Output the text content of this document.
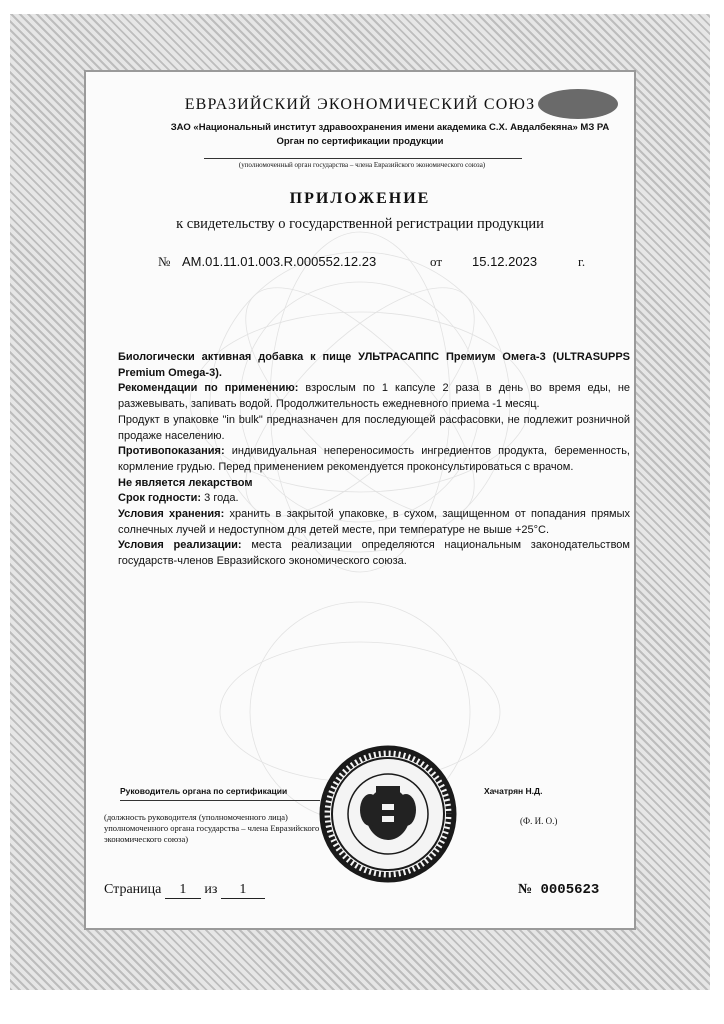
ЕВРАЗИЙСКИЙ ЭКОНОМИЧЕСКИЙ СОЮЗ
ЗАО «Национальный институт здравоохранения имени академика С.Х. Авдалбекяна» МЗ РА
Орган по сертификации продукции
(уполномоченный орган государства – члена Евразийского экономического союза)
ПРИЛОЖЕНИЕ
к свидетельству о государственной регистрации продукции
№ AM.01.11.01.003.R.000552.12.23	от 15.12.2023	г.

Биологически активная добавка к пище УЛЬТРАСАППС Премиум Омега-3 (ULTRASUPPS Premium Omega-3).

Рекомендации по применению: взрослым по 1 капсуле 2 раза в день во время еды, не разжевывать, запивать водой. Продолжительность ежедневного приема -1 месяц.

Продукт в упаковке "in bulk" предназначен для последующей расфасовки, не подлежит розничной продаже населению.

Противопоказания: индивидуальная непереносимость ингредиентов продукта, беременность, кормление грудью. Перед применением рекомендуется проконсультироваться с врачом.

Не является лекарством

Срок годности: 3 года.

Условия хранения: хранить в закрытой упаковке, в сухом, защищенном от попадания прямых солнечных лучей и недоступном для детей месте, при температуре не выше +25°С.

Условия реализации: места реализации определяются национальным законодательством государств-членов Евразийского экономического союза.

Руководитель органа по сертификации	Хачатрян Н.Д.
(должность руководителя (уполномоченного лица) уполномоченного органа государства – члена Евразийского экономического союза)
(Ф. И. О.)
Страница 1 из 1	№ 0005623
